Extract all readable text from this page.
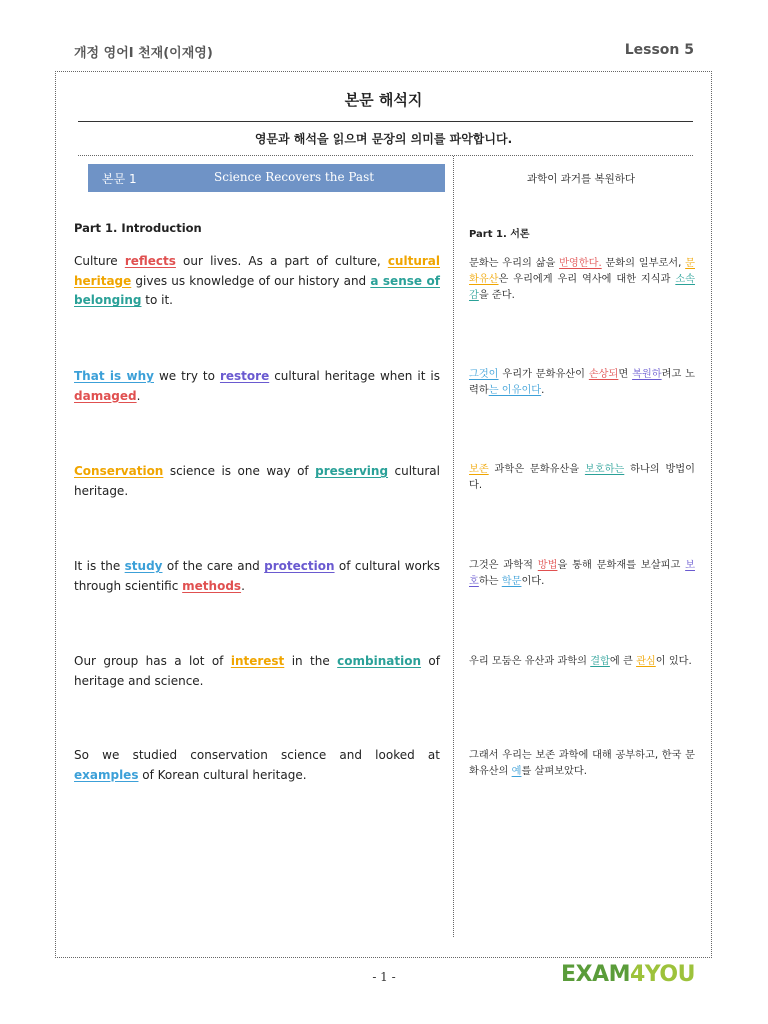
개정 영어I 천재(이재영)	Lesson 5
본문 해석지
영문과 해석을 읽으며 문장의 의미를 파악합니다.
본문 1	Science Recovers the Past	과학이 과거를 복원하다
Part 1. Introduction	Part 1. 서론
Culture reflects our lives. As a part of culture, cultural heritage gives us knowledge of our history and a sense of belonging to it.
문화는 우리의 삶을 반영한다. 문화의 일부로서, 문화유산은 우리에게 우리 역사에 대한 지식과 소속감을 준다.
That is why we try to restore cultural heritage when it is damaged.
그것이 우리가 문화유산이 손상되면 복원하려고 노력하는 이유이다.
Conservation science is one way of preserving cultural heritage.
보존 과학은 문화유산을 보호하는 하나의 방법이다.
It is the study of the care and protection of cultural works through scientific methods.
그것은 과학적 방법을 통해 문화재를 보살피고 보호하는 학문이다.
Our group has a lot of interest in the combination of heritage and science.
우리 모둠은 유산과 과학의 결합에 큰 관심이 있다.
So we studied conservation science and looked at examples of Korean cultural heritage.
그래서 우리는 보존 과학에 대해 공부하고, 한국 문화유산의 예를 살펴보았다.
- 1 -	EXAM4YOU
